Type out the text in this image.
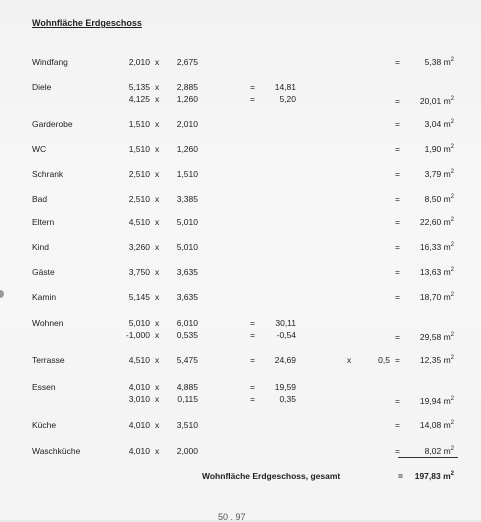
Wohnfläche Erdgeschoss
Windfang	2,010 x	2,675	=	5,38 $m^2$
Diele	5,135 x	2,885	=	14,81
4,125 x	1,260	=	5,20	=	20,01 $m^2$
Garderobe	1,510 x	2,010	=	3,04 $m^2$
WC	1,510 x	1,260	=	1,90 $m^2$
Schrank	2,510 x	1,510	=	3,79 $m^2$
Bad	2,510 x	3,385	=	8,50 $m^2$
Eltern	4,510 x	5,010	=	22,60 $m^2$
Kind	3,260 x	5,010	=	16,33 $m^2$
Gäste	3,750 x	3,635	=	13,63 $m^2$
Kamin	5,145 x	3,635	=	18,70 $m^2$
Wohnen	5,010 x	6,010	=	30,11
-1,000 x	0,535	=	-0,54	=	29,58 $m^2$
Terrasse	4,510 x	5,475	=	24,69	x	0,5 =	12,35 $m^2$
Essen	4,010 x	4,885	=	19,59
3,010 x	0,115	=	0,35	=	19,94 $m^2$
Küche	4,010 x	3,510	=	14,08 $m^2$
Waschküche	4,010 x	2,000	=	8,02 $m^2$
Wohnfläche Erdgeschoss, gesamt	=	197,83 $m^2$
50 . 97
